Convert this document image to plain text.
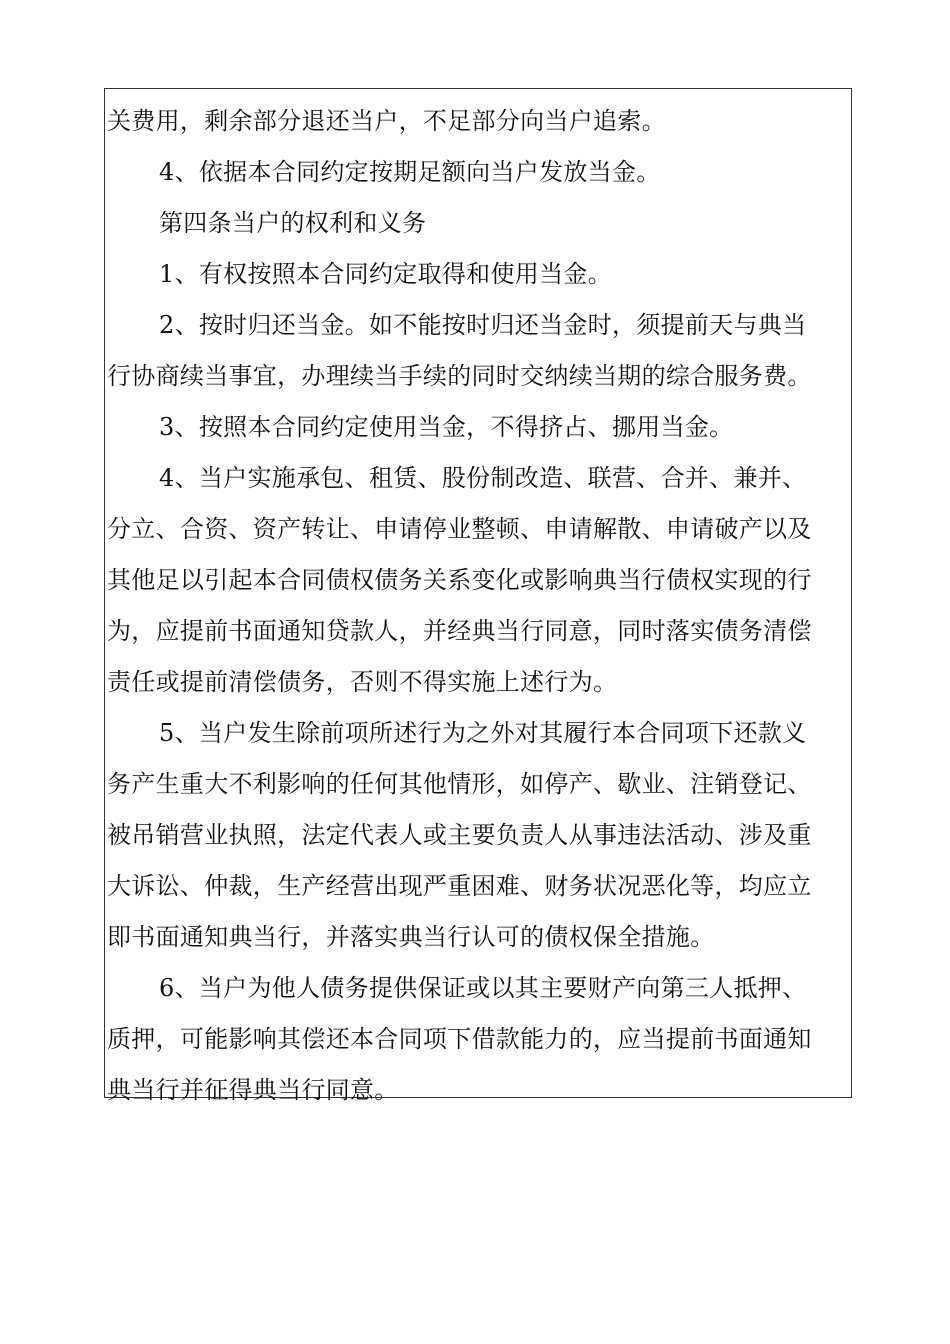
关费用，剩余部分退还当户，不足部分向当户追索。
4、依据本合同约定按期足额向当户发放当金。
第四条当户的权利和义务
1、有权按照本合同约定取得和使用当金。
2、按时归还当金。如不能按时归还当金时，须提前天与典当
行协商续当事宜，办理续当手续的同时交纳续当期的综合服务费。
3、按照本合同约定使用当金，不得挤占、挪用当金。
4、当户实施承包、租赁、股份制改造、联营、合并、兼并、
分立、合资、资产转让、申请停业整顿、申请解散、申请破产以及
其他足以引起本合同债权债务关系变化或影响典当行债权实现的行
为，应提前书面通知贷款人，并经典当行同意，同时落实债务清偿
责任或提前清偿债务，否则不得实施上述行为。
5、当户发生除前项所述行为之外对其履行本合同项下还款义
务产生重大不利影响的任何其他情形，如停产、歇业、注销登记、
被吊销营业执照，法定代表人或主要负责人从事违法活动、涉及重
大诉讼、仲裁，生产经营出现严重困难、财务状况恶化等，均应立
即书面通知典当行，并落实典当行认可的债权保全措施。
6、当户为他人债务提供保证或以其主要财产向第三人抵押、
质押，可能影响其偿还本合同项下借款能力的，应当提前书面通知
典当行并征得典当行同意。
